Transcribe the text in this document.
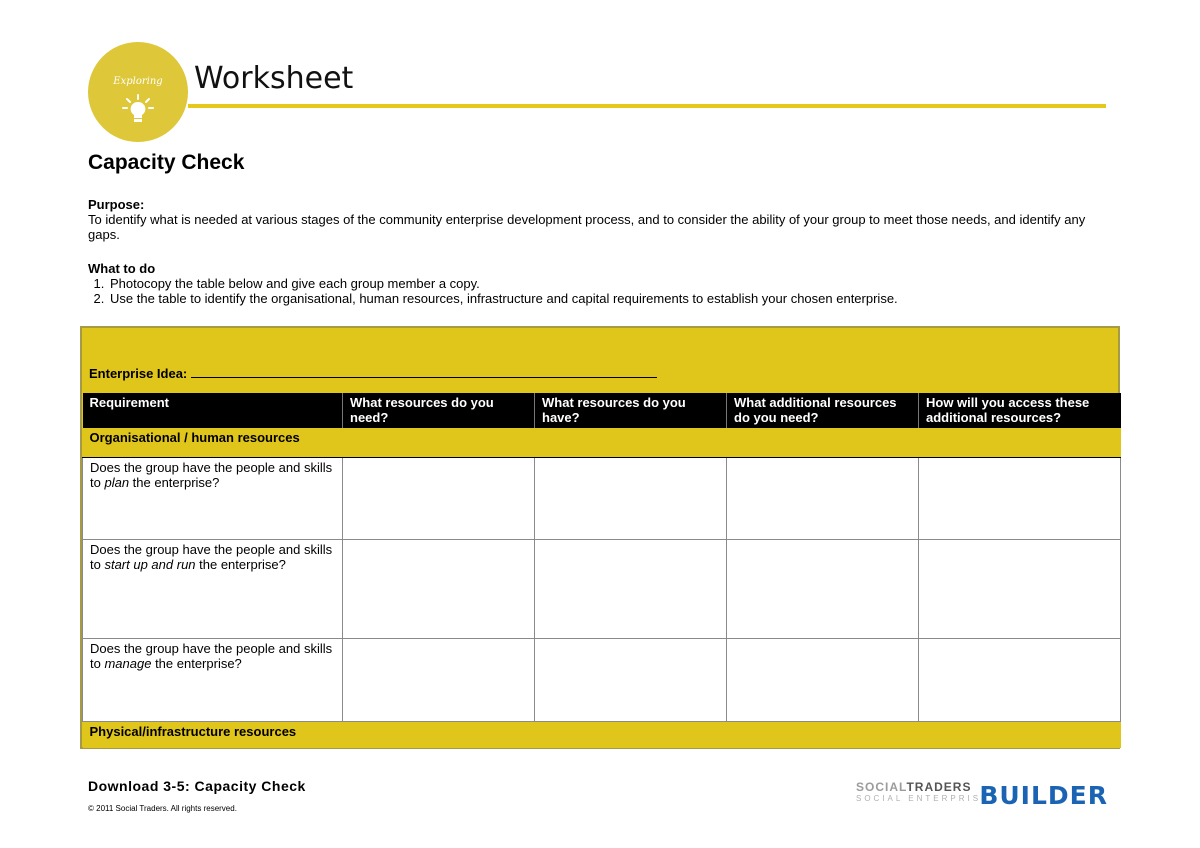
Exploring	Worksheet
Capacity Check

Purpose:

To identify what is needed at various stages of the community enterprise development process, and to consider the ability of your group to meet those needs, and identify any gaps.

What to do

1. Photocopy the table below and give each group member a copy.
2. Use the table to identify the organisational, human resources, infrastructure and capital requirements to establish your chosen enterprise.
Enterprise Idea:
Requirement	What resources do you need?	What resources do you have?	What additional resources do you need?	How will you access these additional resources?
Organisational / human resources				
Does the group have the people and skills to plan the enterprise?				
Does the group have the people and skills to start up and run the enterprise?				
Does the group have the people and skills to manage the enterprise?				
Physical/infrastructure resources				
Download 3-5: Capacity Check
© 2011 Social Traders. All rights reserved.
SOCIALTRADERS
SOCIAL ENTERPRISE
BUILDER
